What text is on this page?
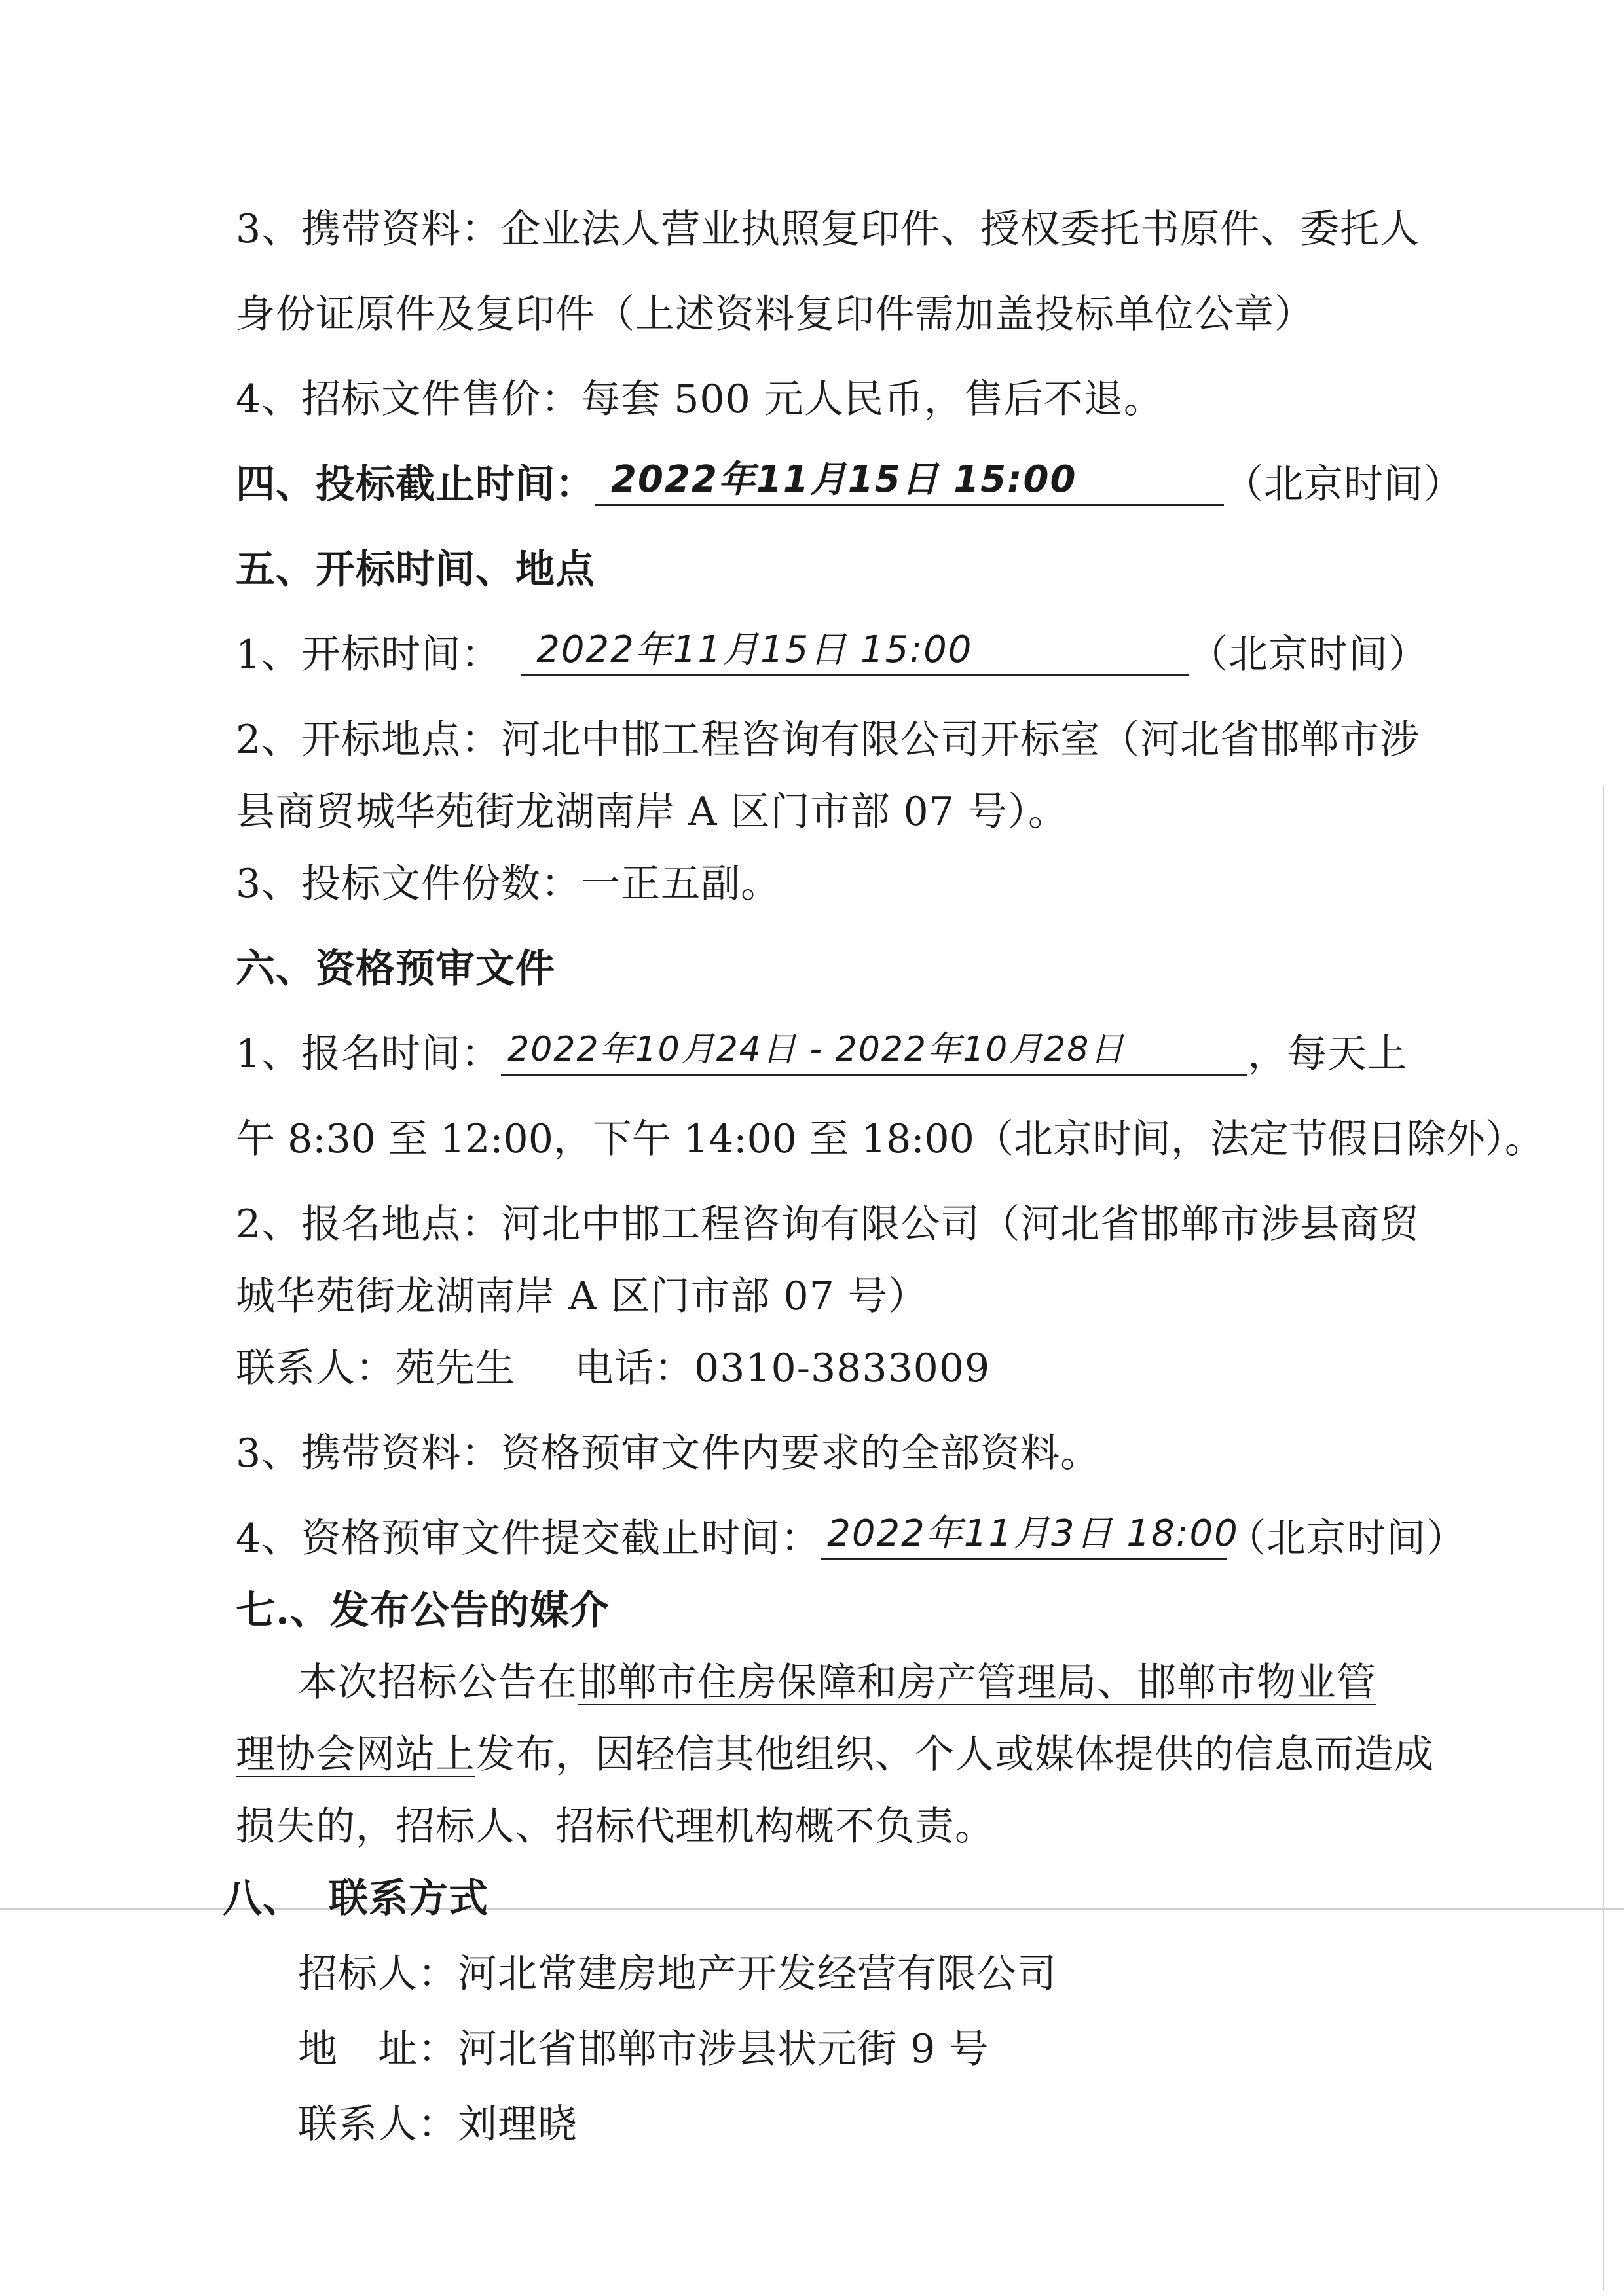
3、携带资料：企业法人营业执照复印件、授权委托书原件、委托人
身份证原件及复印件（上述资料复印件需加盖投标单位公章）
4、招标文件售价：每套 500 元人民币，售后不退。
四、投标截止时间： 2022年11月15日 15:00	（北京时间）
五、开标时间、地点
1、开标时间： 2022年11月15日 15:00	（北京时间）
2、开标地点：河北中邯工程咨询有限公司开标室（河北省邯郸市涉
县商贸城华苑街龙湖南岸 A 区门市部 07 号）。
3、投标文件份数：一正五副。
六、资格预审文件
1、报名时间： 2022年10月24日 - 2022年10月28日	，每天上
午 8:30 至 12:00，下午 14:00 至 18:00（北京时间，法定节假日除外）。
2、报名地点：河北中邯工程咨询有限公司（河北省邯郸市涉县商贸
城华苑街龙湖南岸 A 区门市部 07 号）
联系人：苑先生 电话：0310-3833009
3、携带资料：资格预审文件内要求的全部资料。
4、资格预审文件提交截止时间： 2022年11月3日 18:00
（北京时间）
七.、发布公告的媒介
本次招标公告在邯郸市住房保障和房产管理局、邯郸市物业管
理协会网站上发布，因轻信其他组织、个人或媒体提供的信息而造成
损失的，招标人、招标代理机构概不负责。
八、 联系方式
招标人：河北常建房地产开发经营有限公司
地　址：河北省邯郸市涉县状元街 9 号
联系人：刘理晓
